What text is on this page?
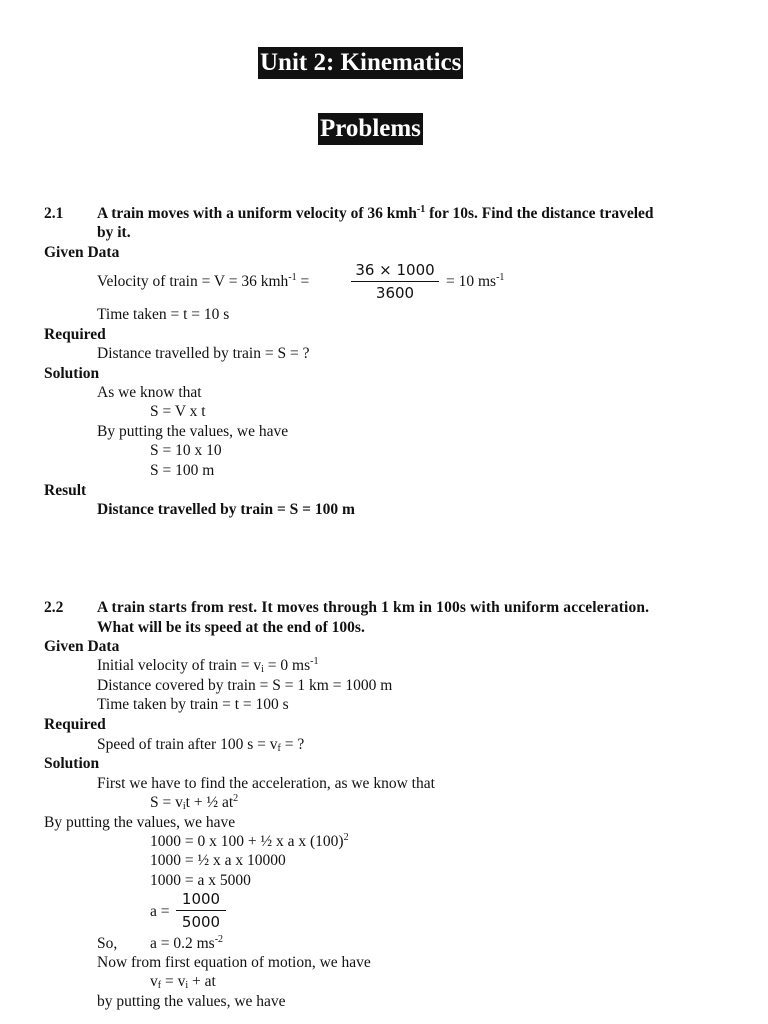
Unit 2: Kinematics
Problems
2.1 A train moves with a uniform velocity of 36 kmh$^{-1}$ for 10s. Find the distance traveled
by it.
Given Data
Velocity of train = V = 36 kmh$^{-1}$ =
36 × 1000
3600
= 10 $ms^{-1}$
Time taken = t = 10 s
Required
Distance travelled by train = S = ?
Solution
As we know that
S = V x t
By putting the values, we have
S = 10 x 10
S = 100 m
Result
Distance travelled by train = S = 100 m
2.2 A train starts from rest. It moves through 1 km in 100s with uniform acceleration.
What will be its speed at the end of 100s.
Given Data
Initial velocity of train = $v_i = 0$ $ms^{-1}$
Distance covered by train = S = 1 km = 1000 m
Time taken by train = t = 100 s
Required
Speed of train after 100 $s = v_f$ = ?
Solution
First we have to find the acceleration, as we know that
$S = v_it$ + ½ $at^2$
By putting the values, we have
1000 = 0 x 100 + ½ x a x $(100)^2$
1000 = ½ x a x 10000
1000 = a x 5000
a =
1000
5000
So, a = 0.2 $ms^{-2}$
Now from first equation of motion, we have
$v_f = v_i$ + at
by putting the values, we have
